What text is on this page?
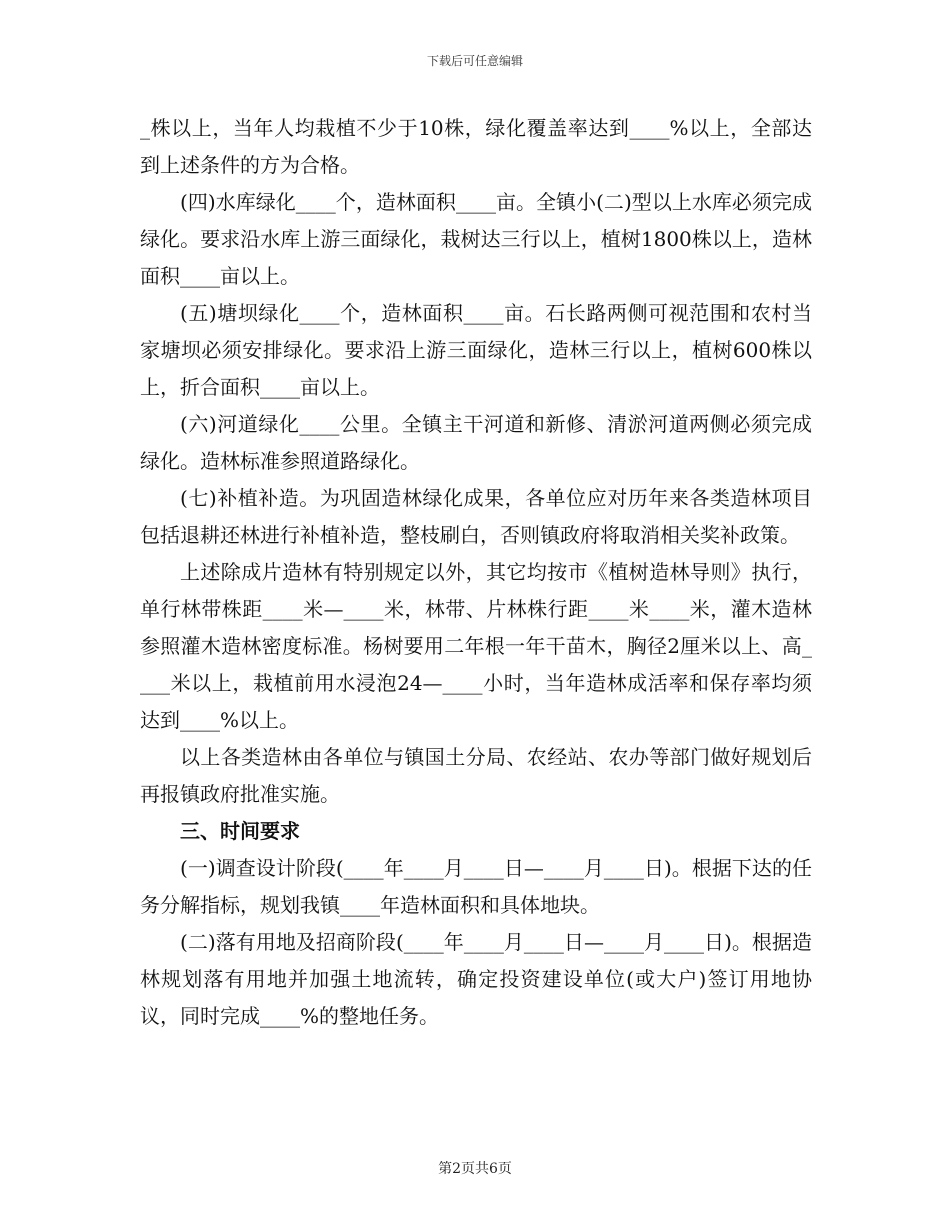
下载后可任意编辑

_株以上，当年人均栽植不少于10株，绿化覆盖率达到____%以上，全部达到上述条件的方为合格。

(四)水库绿化____个，造林面积____亩。全镇小(二)型以上水库必须完成绿化。要求沿水库上游三面绿化，栽树达三行以上，植树1800株以上，造林面积____亩以上。

(五)塘坝绿化____个，造林面积____亩。石长路两侧可视范围和农村当家塘坝必须安排绿化。要求沿上游三面绿化，造林三行以上，植树600株以上，折合面积____亩以上。

(六)河道绿化____公里。全镇主干河道和新修、清淤河道两侧必须完成绿化。造林标准参照道路绿化。

(七)补植补造。为巩固造林绿化成果，各单位应对历年来各类造林项目包括退耕还林进行补植补造，整枝刷白，否则镇政府将取消相关奖补政策。

上述除成片造林有特别规定以外，其它均按市《植树造林导则》执行，单行林带株距____米—____米，林带、片林株行距____米____米，灌木造林参照灌木造林密度标准。杨树要用二年根一年干苗木，胸径2厘米以上、高____米以上，栽植前用水浸泡24—____小时，当年造林成活率和保存率均须达到____%以上。

以上各类造林由各单位与镇国土分局、农经站、农办等部门做好规划后再报镇政府批准实施。

三、时间要求

(一)调查设计阶段(____年____月____日—____月____日)。根据下达的任务分解指标，规划我镇____年造林面积和具体地块。

(二)落有用地及招商阶段(____年____月____日—____月____日)。根据造林规划落有用地并加强土地流转，确定投资建设单位(或大户)签订用地协议，同时完成____%的整地任务。

第2页共6页
